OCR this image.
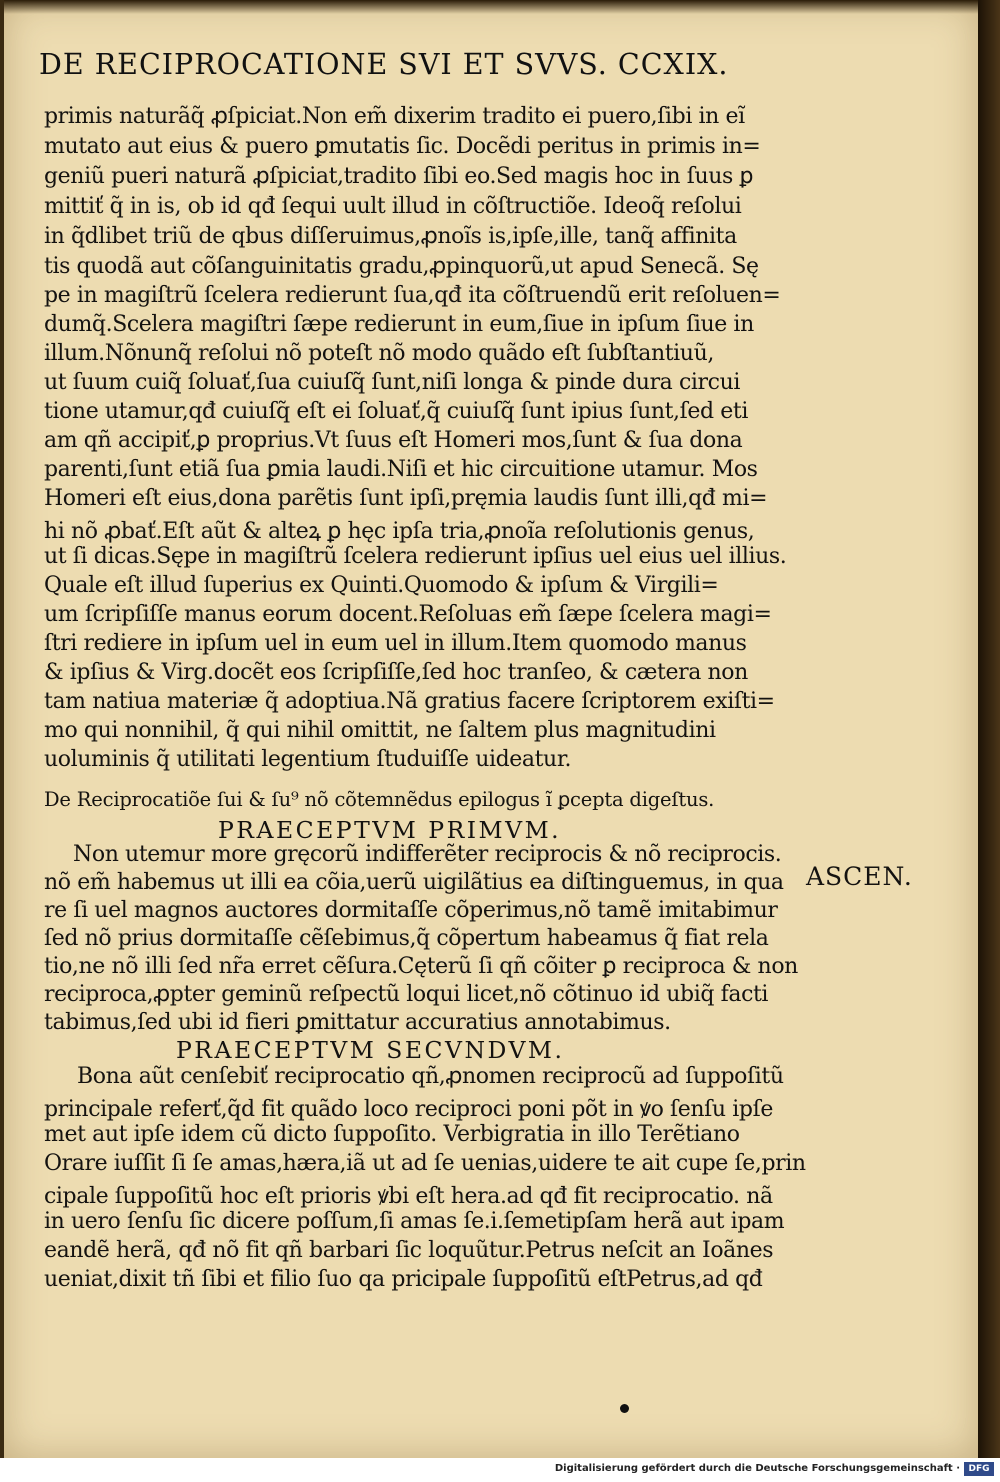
DE RECIPROCATIONE SVI ET SVVS. CCXIX.
primis naturãq̃ ꝓſpiciat.Non em̃ dixerim tradito ei puero,ſibi in eĩ
mutato aut eius & puero ꝑmutatis ſic. Docẽdi peritus in primis in=
geniũ pueri naturã ꝓſpiciat,tradito ſibi eo.Sed magis hoc in ſuus ꝑ
mittiť q̃ in is, ob id qđ ſequi uult illud in cõſtructiõe. Ideoq̃ reſolui
in q̃dlibet triũ de qbus diſſeruimus,ꝓnoĩs is,ipſe,ille, tanq̃ affinita
tis quodã aut cõſanguinitatis gradu,ꝓpinquorũ,ut apud Senecã. Sę
pe in magiſtrũ ſcelera redierunt ſua,qđ ita cõſtruendũ erit reſoluen=
dumq̃.Scelera magiſtri ſæpe redierunt in eum,ſiue in ipſum ſiue in
illum.Nõnunq̃ reſolui nõ poteſt nõ modo quãdo eſt ſubſtantiuũ,
ut ſuum cuiq̃ ſoluať,ſua cuiuſq̃ ſunt,niſi longa & pinde dura circui
tione utamur,qđ cuiuſq̃ eſt ei ſoluať,q̃ cuiuſq̃ ſunt ipius ſunt,ſed eti
am qñ accipiť,ꝑ proprius.Vt ſuus eſt Homeri mos,ſunt & ſua dona
parenti,ſunt etiã ſua ꝑmia laudi.Niſi et hic circuitione utamur. Mos
Homeri eſt eius,dona parẽtis ſunt ipſi,pręmia laudis ſunt illi,qđ mi=
hi nõ ꝓbať.Eſt aũt & alteꝝ ꝑ hęc ipſa tria,ꝓnoĩa reſolutionis genus,
ut ſi dicas.Sępe in magiſtrũ ſcelera redierunt ipſius uel eius uel illius.
Quale eſt illud ſuperius ex Quinti.Quomodo & ipſum & Virgili=
um ſcripſiſſe manus eorum docent.Reſoluas em̃ ſæpe ſcelera magi=
ſtri rediere in ipſum uel in eum uel in illum.Item quomodo manus
& ipſius & Virg.docẽt eos ſcripſiſſe,ſed hoc tranſeo, & cætera non
tam natiua materiæ q̃ adoptiua.Nã gratius facere ſcriptorem exiſti=
mo qui nonnihil, q̃ qui nihil omittit, ne ſaltem plus magnitudini
uoluminis q̃ utilitati legentium ſtuduiſſe uideatur.
De Reciprocatiõe ſui & ſu⁹ nõ cõtemnẽdus epilogus ĩ ꝑcepta digeſtus.
PRAECEPTVM PRIMVM.
Non utemur more gręcorũ indifferẽter reciprocis & nõ reciprocis.
nõ em̃ habemus ut illi ea cõia,uerũ uigilãtius ea diſtinguemus, in qua
re ſi uel magnos auctores dormitaſſe cõperimus,nõ tamẽ imitabimur
ſed nõ prius dormitaſſe cẽſebimus,q̃ cõpertum habeamus q̃ fiat rela
tio,ne nõ illi ſed nr̃a erret cẽſura.Cęterũ ſi qñ cõiter ꝑ reciproca & non
reciproca,ꝓpter geminũ reſpectũ loqui licet,nõ cõtinuo id ubiq̃ facti
tabimus,ſed ubi id fieri ꝑmittatur accuratius annotabimus.
ASCEN.
PRAECEPTVM SECVNDVM.
Bona aũt cenſebiť reciprocatio qñ,ꝓnomen reciprocũ ad ſuppoſitũ
principale referť,q̃d fit quãdo loco reciproci poni põt in ꝟo ſenſu ipſe
met aut ipſe idem cũ dicto ſuppoſito. Verbigratia in illo Terẽtiano
Orare iuſſit ſi ſe amas,hæra,iã ut ad ſe uenias,uidere te ait cupe ſe,prin
cipale ſuppoſitũ hoc eſt prioris ꝟbi eſt hera.ad qđ fit reciprocatio. nã
in uero ſenſu ſic dicere poſſum,ſi amas ſe.i.ſemetipſam herã aut ipam
eandẽ herã, qđ nõ fit qñ barbari ſic loquũtur.Petrus neſcit an Ioãnes
ueniat,dixit tñ ſibi et filio ſuo qa pricipale ſuppoſitũ eſtPetrus,ad qđ
Digitalisierung gefördert durch die Deutsche Forschungsgemeinschaft · DFG
